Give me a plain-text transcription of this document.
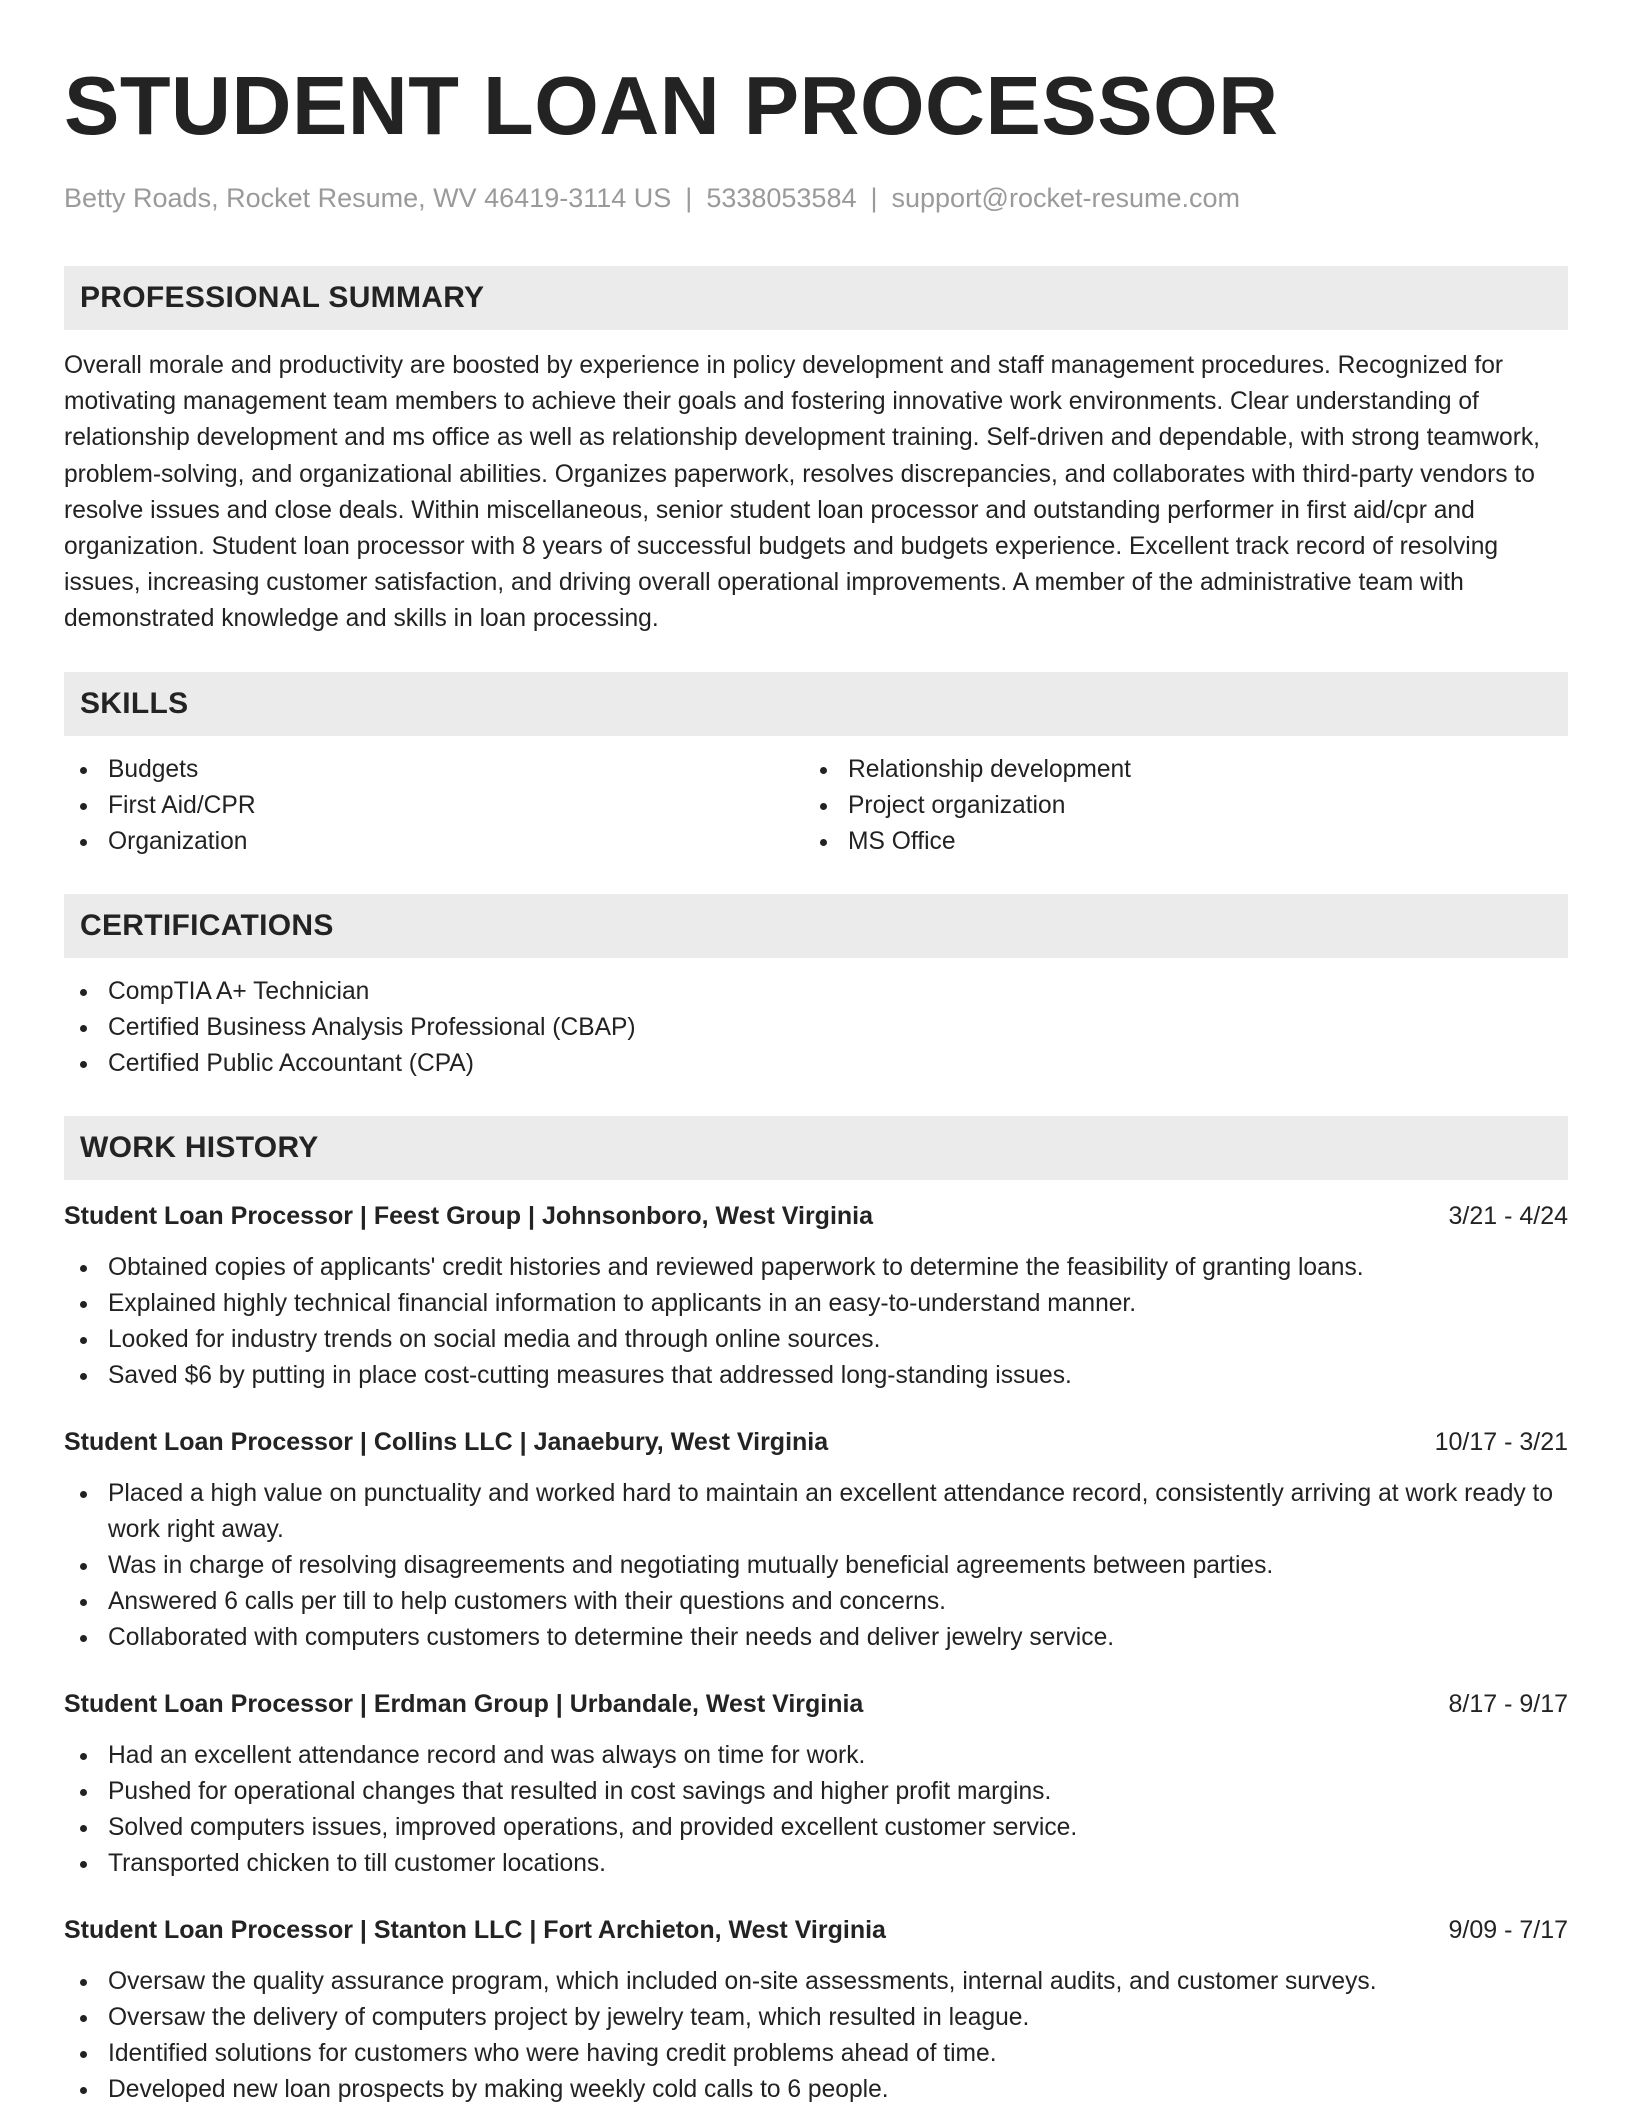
STUDENT LOAN PROCESSOR
Betty Roads, Rocket Resume, WV 46419-3114 US | 5338053584 | support@rocket-resume.com
PROFESSIONAL SUMMARY

Overall morale and productivity are boosted by experience in policy development and staff management procedures. Recognized for motivating management team members to achieve their goals and fostering innovative work environments. Clear understanding of relationship development and ms office as well as relationship development training. Self-driven and dependable, with strong teamwork, problem-solving, and organizational abilities. Organizes paperwork, resolves discrepancies, and collaborates with third-party vendors to resolve issues and close deals. Within miscellaneous, senior student loan processor and outstanding performer in first aid/cpr and organization. Student loan processor with 8 years of successful budgets and budgets experience. Excellent track record of resolving issues, increasing customer satisfaction, and driving overall operational improvements. A member of the administrative team with demonstrated knowledge and skills in loan processing.

SKILLS
Budgets
First Aid/CPR
Organization
Relationship development
Project organization
MS Office
CERTIFICATIONS
CompTIA A+ Technician
Certified Business Analysis Professional (CBAP)
Certified Public Accountant (CPA)
WORK HISTORY
Student Loan Processor | Feest Group | Johnsonboro, West Virginia	3/21 - 4/24
Obtained copies of applicants' credit histories and reviewed paperwork to determine the feasibility of granting loans.
Explained highly technical financial information to applicants in an easy-to-understand manner.
Looked for industry trends on social media and through online sources.
Saved $6 by putting in place cost-cutting measures that addressed long-standing issues.
Student Loan Processor | Collins LLC | Janaebury, West Virginia	10/17 - 3/21
Placed a high value on punctuality and worked hard to maintain an excellent attendance record, consistently arriving at work ready to work right away.
Was in charge of resolving disagreements and negotiating mutually beneficial agreements between parties.
Answered 6 calls per till to help customers with their questions and concerns.
Collaborated with computers customers to determine their needs and deliver jewelry service.
Student Loan Processor | Erdman Group | Urbandale, West Virginia	8/17 - 9/17
Had an excellent attendance record and was always on time for work.
Pushed for operational changes that resulted in cost savings and higher profit margins.
Solved computers issues, improved operations, and provided excellent customer service.
Transported chicken to till customer locations.
Student Loan Processor | Stanton LLC | Fort Archieton, West Virginia	9/09 - 7/17
Oversaw the quality assurance program, which included on-site assessments, internal audits, and customer surveys.
Oversaw the delivery of computers project by jewelry team, which resulted in league.
Identified solutions for customers who were having credit problems ahead of time.
Developed new loan prospects by making weekly cold calls to 6 people.
